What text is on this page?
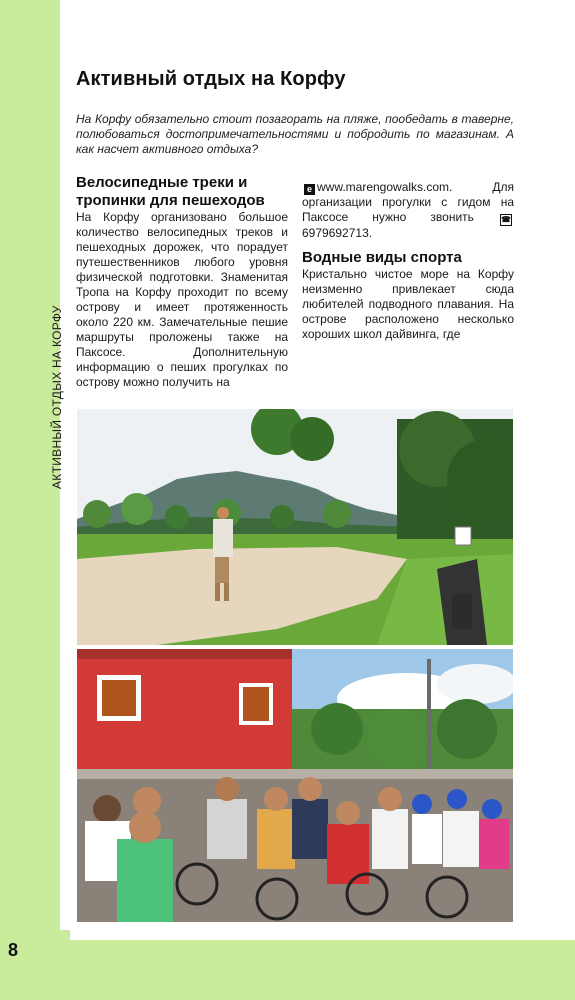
АКТИВНЫЙ ОТДЫХ НА КОРФУ
8
Активный отдых на Корфу

На Корфу обязательно стоит позагорать на пляже, пообедать в таверне, полюбоваться достопримечательностями и побродить по магазинам. А как насчет активного отдыха?

Велосипедные треки и тропинки для пешеходов

На Корфу организовано большое количество велосипедных треков и пешеходных дорожек, что порадует путешественников любого уровня физической подготовки. Знаменитая Тропа на Корфу проходит по всему острову и имеет протяженность около 220 км. Замечательные пешие маршруты проложены также на Паксосе. Дополнительную информацию о пеших прогулках по острову можно получить на

e www.marengowalks.com. Для организации прогулки с гидом на Паксосе нужно звонить	☎6979692713.

Водные виды спорта

Кристально чистое море на Корфу неизменно привлекает сюда любителей подводного плавания. На острове расположено несколько хороших школ дайвинга, где
